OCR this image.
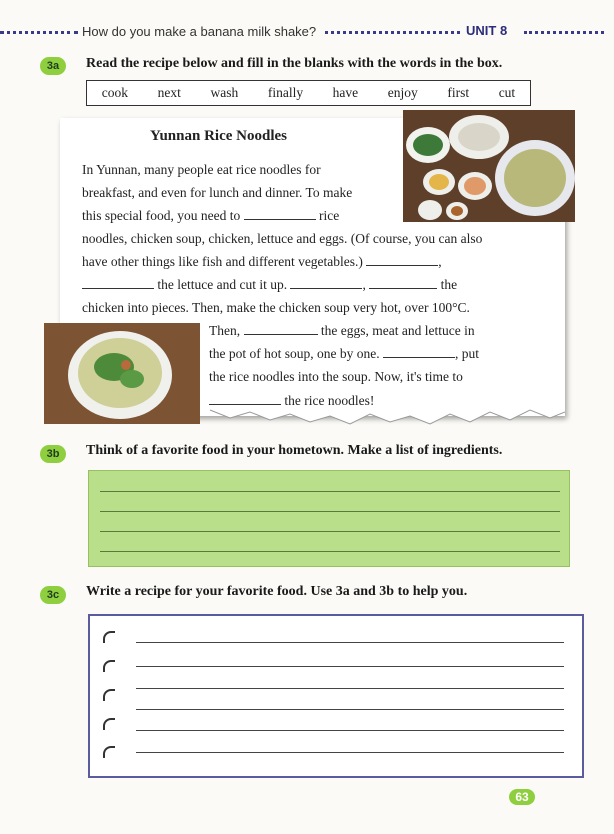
How do you make a banana milk shake?	UNIT 8
3a	Read the recipe below and fill in the blanks with the words in the box.
cook next wash finally have enjoy first cut
Yunnan Rice Noodles
In Yunnan, many people eat rice noodles for
breakfast, and even for lunch and dinner. To make
this special food, you need to	rice
noodles, chicken soup, chicken, lettuce and eggs. (Of course, you can also
have other things like fish and different vegetables.)	,
the lettuce and cut it up.	,	the
chicken into pieces. Then, make the chicken soup very hot, over 100°C.
Then,	the eggs, meat and lettuce in
the pot of hot soup, one by one.	, put
the rice noodles into the soup. Now, it's time to
the rice noodles!
3b	Think of a favorite food in your hometown. Make a list of ingredients.
3c	Write a recipe for your favorite food. Use 3a and 3b to help you.
63
